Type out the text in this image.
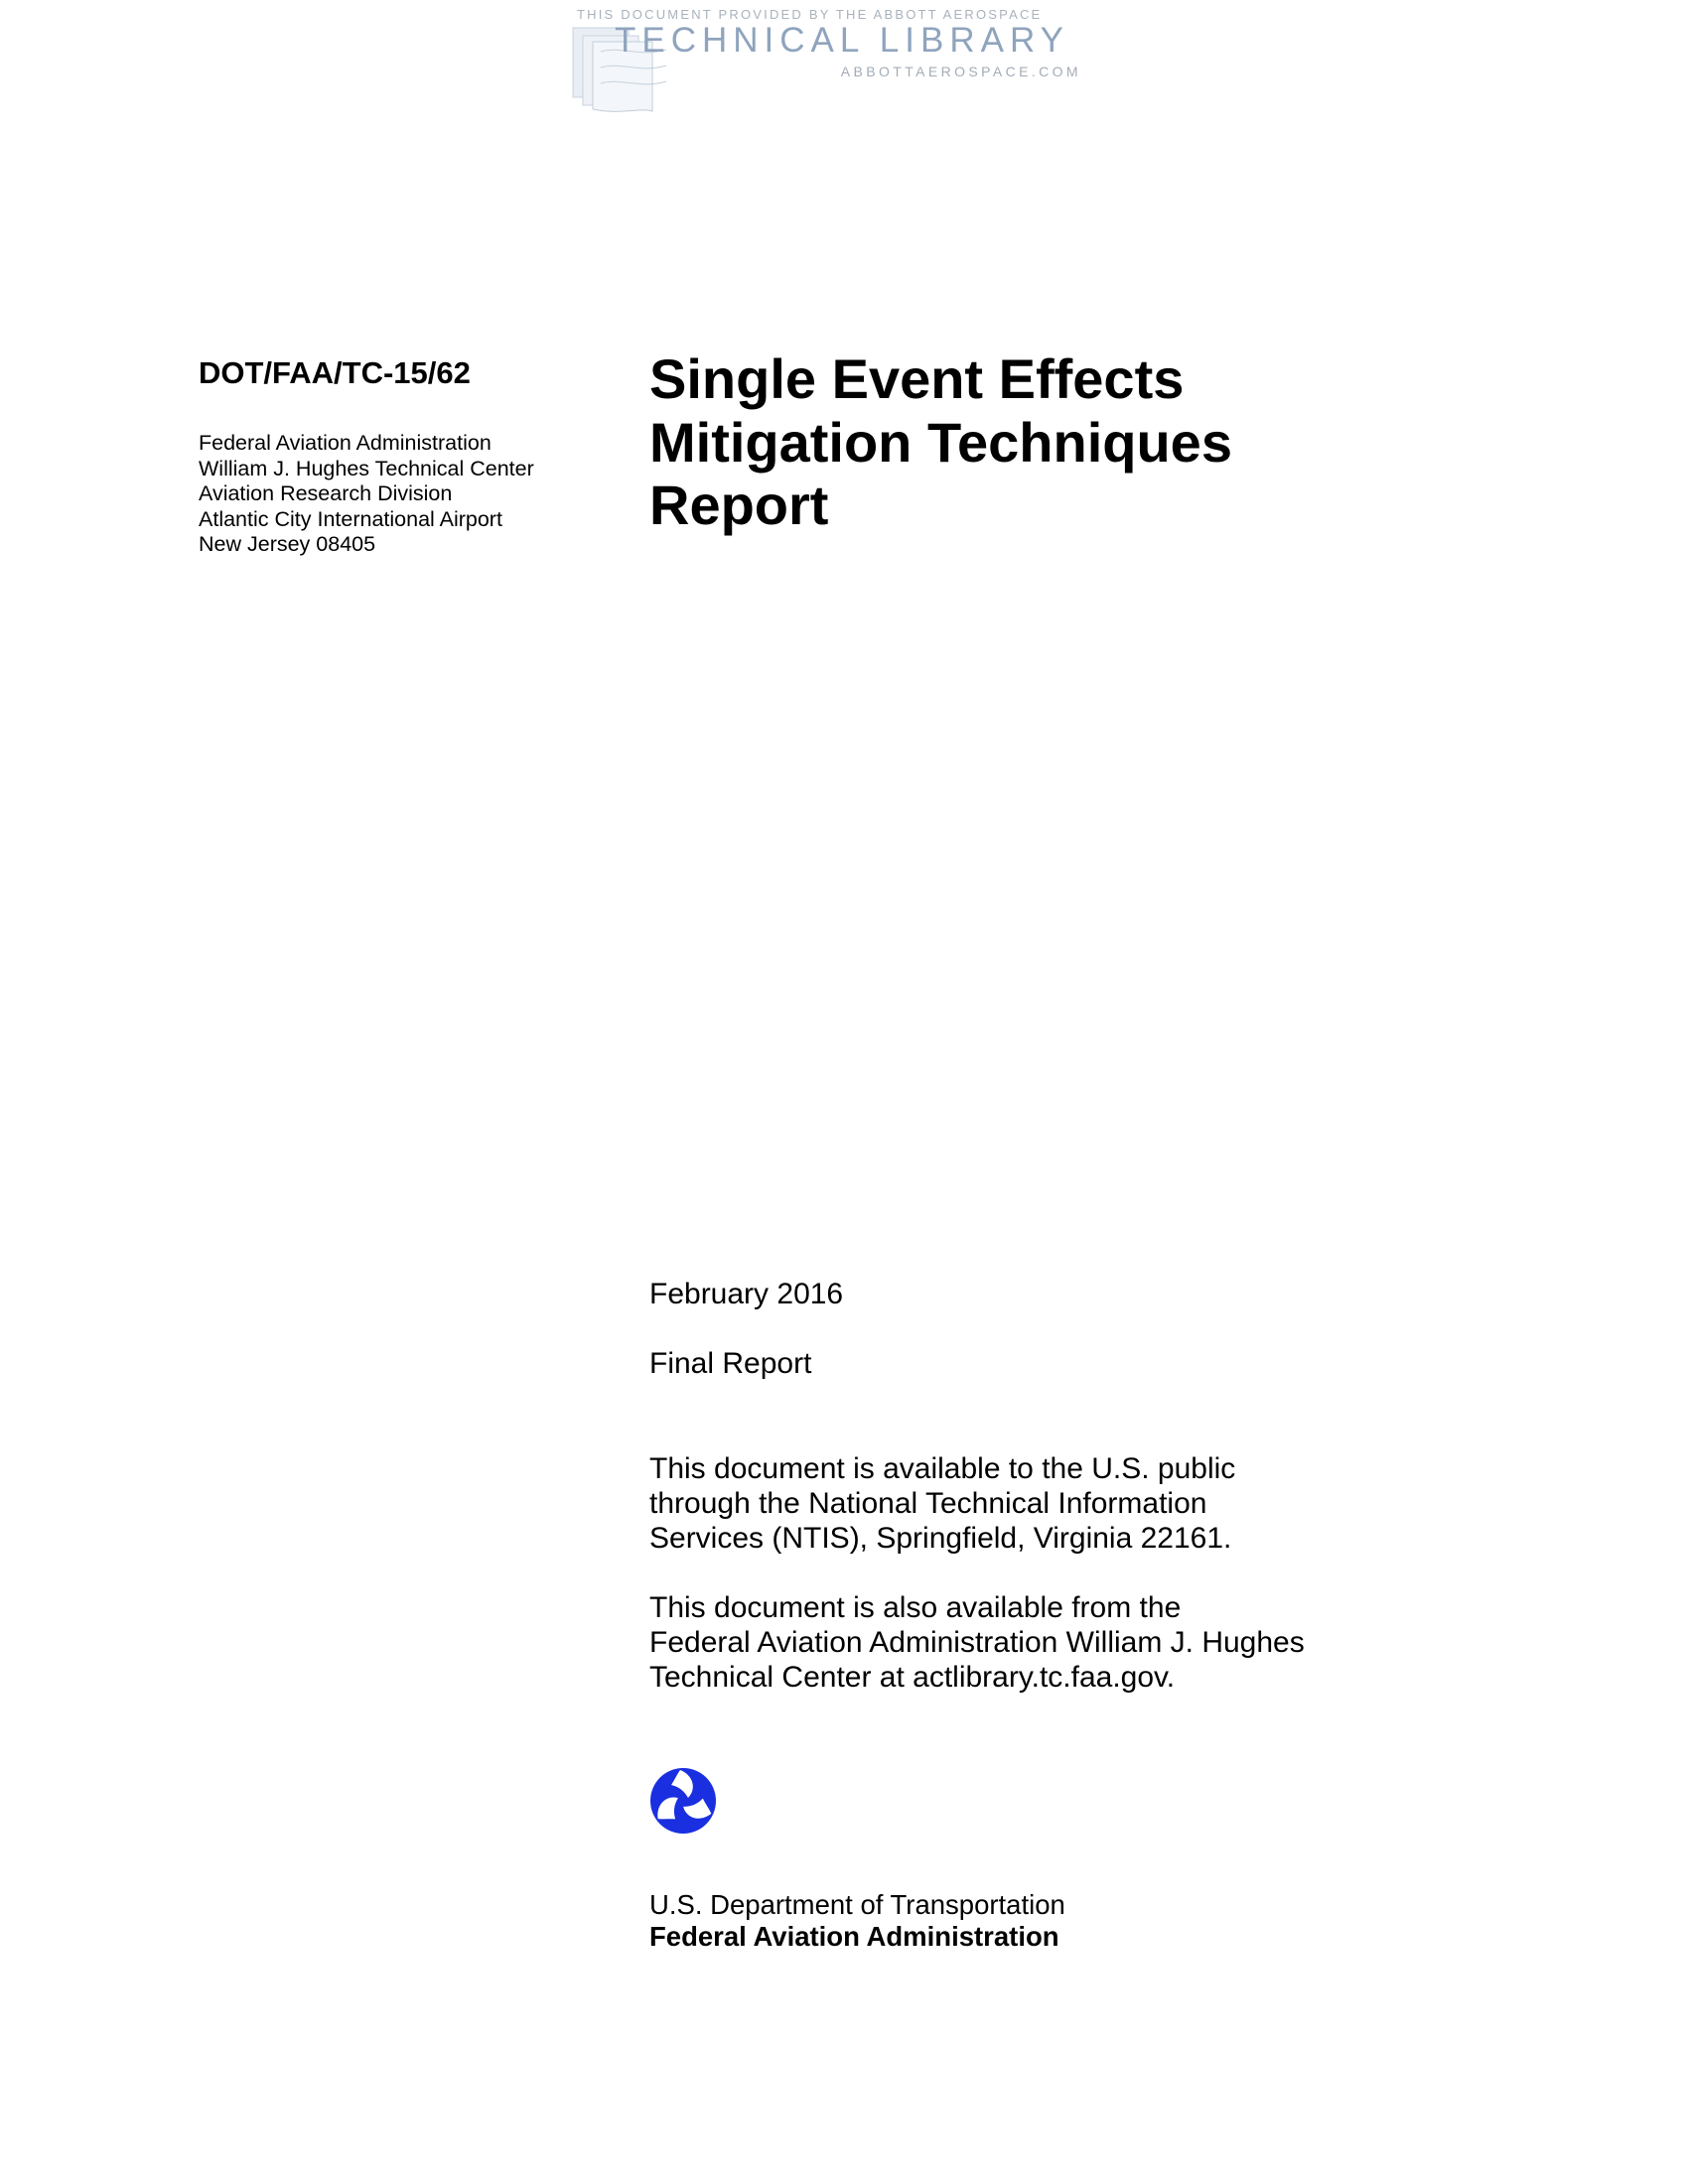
THIS DOCUMENT PROVIDED BY THE ABBOTT AEROSPACE
TECHNICAL LIBRARY
ABBOTTAEROSPACE.COM
DOT/FAA/TC-15/62
Federal Aviation Administration
William J. Hughes Technical Center
Aviation Research Division
Atlantic City International Airport
New Jersey 08405
Single Event Effects
Mitigation Techniques
Report
February 2016
Final Report
This document is available to the U.S. public
through the National Technical Information
Services (NTIS), Springfield, Virginia 22161.
This document is also available from the
Federal Aviation Administration William J. Hughes
Technical Center at actlibrary.tc.faa.gov.
U.S. Department of Transportation
Federal Aviation Administration
